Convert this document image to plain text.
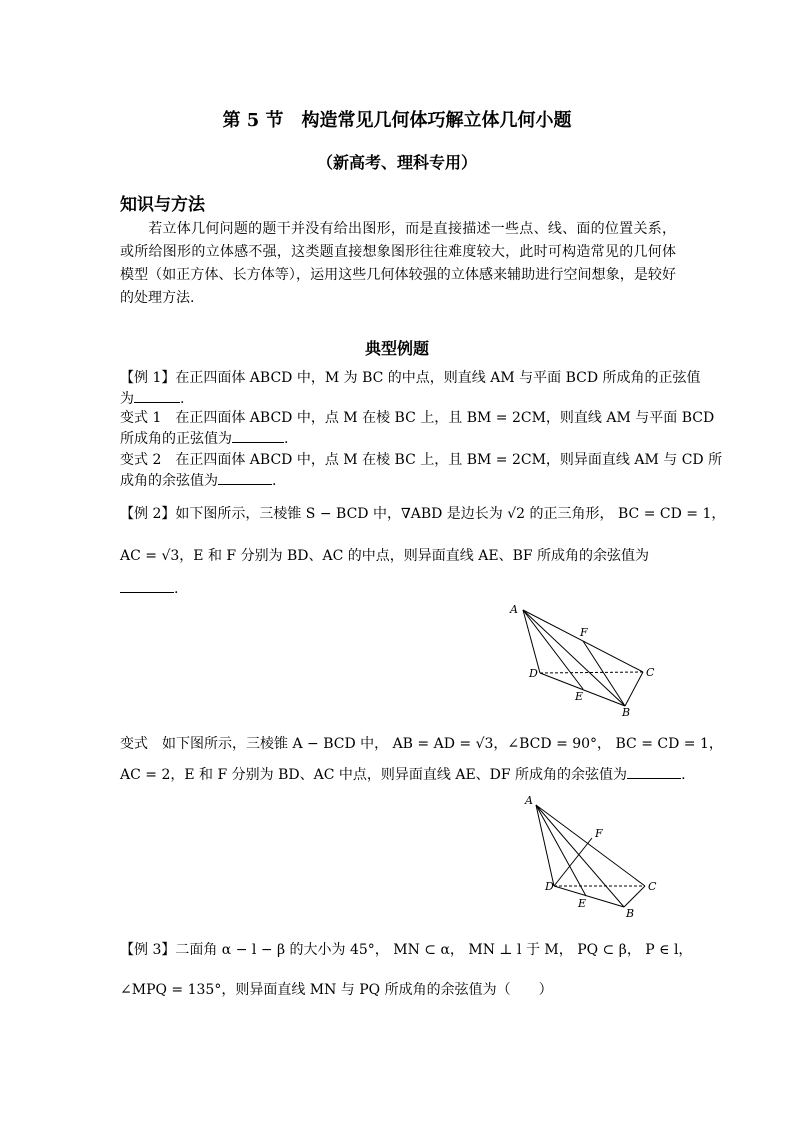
第 5 节　构造常见几何体巧解立体几何小题
（新高考、理科专用）
知识与方法
若立体几何问题的题干并没有给出图形，而是直接描述一些点、线、面的位置关系，或所给图形的立体感不强，这类题直接想象图形往往难度较大，此时可构造常见的几何体模型（如正方体、长方体等），运用这些几何体较强的立体感来辅助进行空间想象，是较好的处理方法.
典型例题
【例 1】在正四面体 ABCD 中，M 为 BC 的中点，则直线 AM 与平面 BCD 所成角的正弦值
为	.
变式 1　在正四面体 ABCD 中，点 M 在棱 BC 上，且 BM = 2CM，则直线 AM 与平面 BCD
所成角的正弦值为	.
变式 2　在正四面体 ABCD 中，点 M 在棱 BC 上，且 BM = 2CM，则异面直线 AM 与 CD 所
成角的余弦值为	.
【例 2】如下图所示，三棱锥 S − BCD 中，∇ABD 是边长为 √2 的正三角形， BC = CD = 1，
AC = √3，E 和 F 分别为 BD、AC 的中点，则异面直线 AE、BF 所成角的余弦值为
.
A
F
D	C
E
B
变式　如下图所示，三棱锥 A − BCD 中， AB = AD = √3，∠BCD = 90°， BC = CD = 1，
AC = 2，E 和 F 分别为 BD、AC 中点，则异面直线 AE、DF 所成角的余弦值为	.
A
F
D	C
E
B
【例 3】二面角 α − l − β 的大小为 45°， MN ⊂ α， MN ⊥ l 于 M， PQ ⊂ β， P ∈ l，
∠MPQ = 135°，则异面直线 MN 与 PQ 所成角的余弦值为（　　）
